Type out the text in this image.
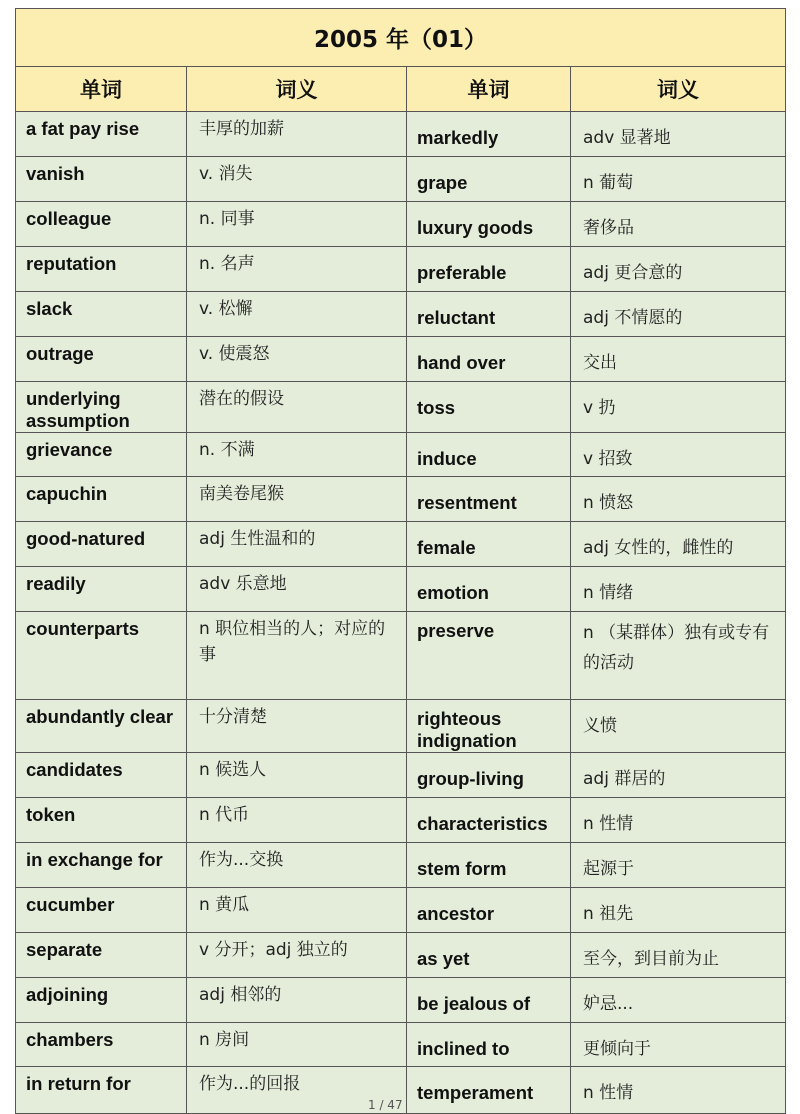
2005 年（01）			
单词	词义	单词	词义

a fat pay rise	丰厚的加薪	markedly	adv 显著地

vanish	v. 消失	grape	n 葡萄

colleague	n. 同事	luxury goods	奢侈品

reputation	n. 名声	preferable	adj 更合意的

slack	v. 松懈	reluctant	adj 不情愿的

outrage	v. 使震怒	hand over	交出

underlying assumption	潜在的假设	toss	v 扔

grievance	n. 不满	induce	v 招致

capuchin	南美卷尾猴	resentment	n 愤怒

good-natured	adj 生性温和的	female	adj 女性的，雌性的

readily	adv 乐意地	emotion	n 情绪

counterparts	n 职位相当的人；对应的事	preserve	n （某群体）独有或专有的活动

abundantly clear	十分清楚	righteous indignation	义愤

candidates	n 候选人	group-living	adj 群居的

token	n 代币	characteristics	n 性情

in exchange for	作为...交换	stem form	起源于

cucumber	n 黄瓜	ancestor	n 祖先

separate	v 分开；adj 独立的	as yet	至今，到目前为止

adjoining	adj 相邻的	be jealous of	妒忌...

chambers	n 房间	inclined to	更倾向于

in return for	作为...的回报	temperament	n 性情
1 / 47
